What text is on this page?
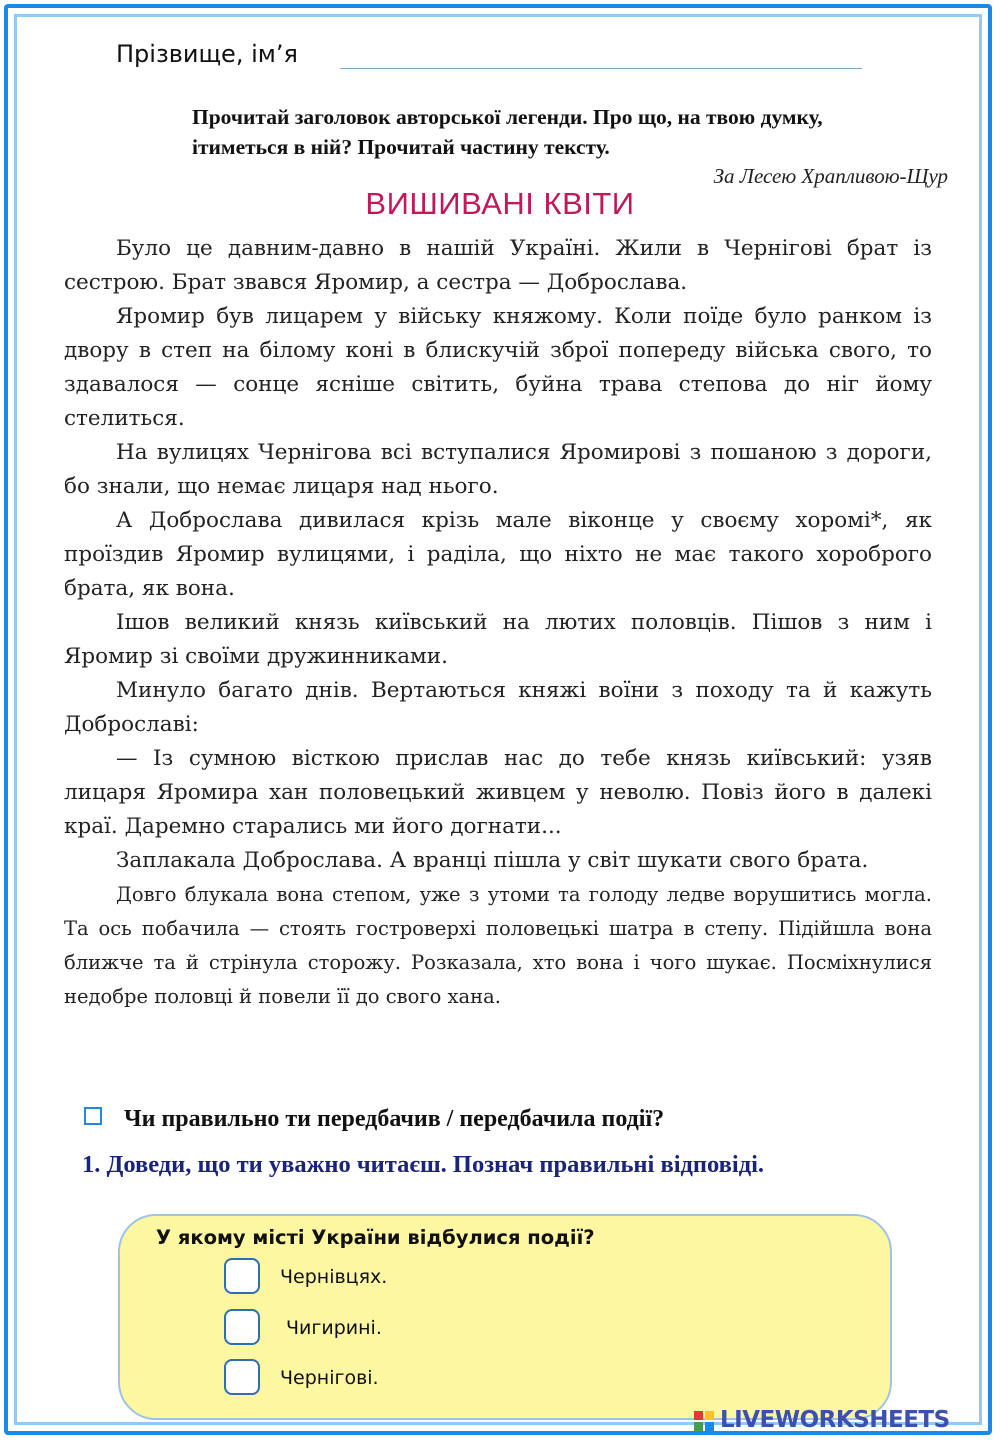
Прізвище, ім’я
Прочитай заголовок авторської легенди. Про що, на твою думку,
ітиметься в ній? Прочитай частину тексту.
За Лесею Храпливою-Щур
ВИШИВАНІ КВІТИ

Було це давним-давно в нашій Україні. Жили в Чернігові брат із сестрою. Брат звався Яромир, а сестра — Доброслава.

Яромир був лицарем у війську княжому. Коли поїде було ранком із двору в степ на білому коні в блискучій зброї попереду війська свого, то здавалося — сонце ясніше світить, буйна трава степова до ніг йому стелиться.

На вулицях Чернігова всі вступалися Яромирові з пошаною з дороги, бо знали, що немає лицаря над нього.

А Доброслава дивилася крізь мале віконце у своєму хоромі*, як проїздив Яромир вулицями, і раділа, що ніхто не має такого хороброго брата, як вона.

Ішов великий князь київський на лютих половців. Пішов з ним і Яромир зі своїми дружинниками.

Минуло багато днів. Вертаються княжі воїни з походу та й кажуть Доброславі:

— Із сумною вісткою прислав нас до тебе князь київський: узяв лицаря Яромира хан половецький живцем у неволю. Повіз його в далекі краї. Даремно старались ми його догнати...

Заплакала Доброслава. А вранці пішла у світ шукати свого брата.

Довго блукала вона степом, уже з утоми та голоду ледве ворушитись могла. Та ось побачила — стоять гостроверхі половецькі шатра в степу. Підійшла вона ближче та й стрінула сторожу. Розказала, хто вона і чого шукає. Посміхнулися недобре половці й повели її до свого хана.

Чи правильно ти передбачив / передбачила події?
1. Доведи, що ти уважно читаєш. Познач правильні відповіді.
У якому місті України відбулися події?
Чернівцях.
Чигирині.
Чернігові.
LIVEWORKSHEETS
